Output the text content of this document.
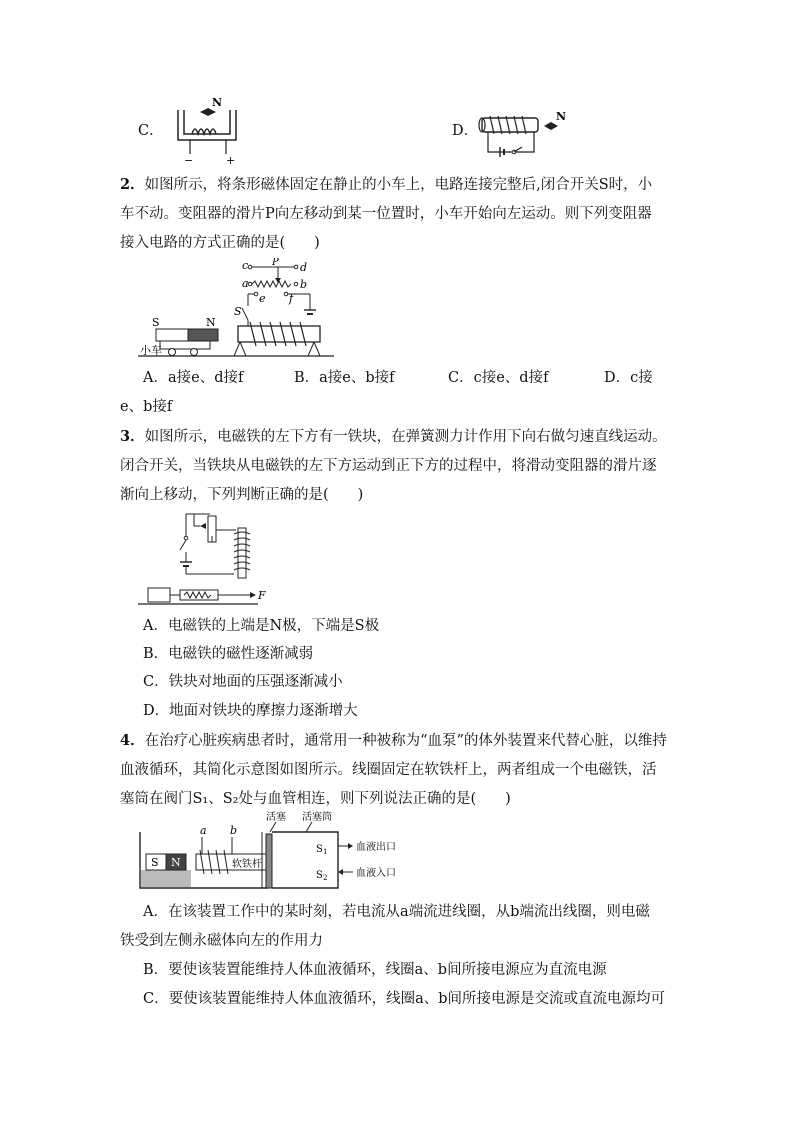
C．
N
−	+
D．
N
2．如图所示，将条形磁体固定在静止的小车上，电路连接完整后,闭合开关S时，小
车不动。变阻器的滑片P向左移动到某一位置时，小车开始向左运动。则下列变阻器
接入电路的方式正确的是(　　)
c P d
a	b
e f
S
S	N
小车
A．a接e、d接f	B．a接e、b接f	C．c接e、d接f	D．c接
e、b接f
3．如图所示，电磁铁的左下方有一铁块，在弹簧测力计作用下向右做匀速直线运动。
闭合开关，当铁块从电磁铁的左下方运动到正下方的过程中，将滑动变阻器的滑片逐
渐向上移动，下列判断正确的是(　　)
F
A．电磁铁的上端是N极，下端是S极
B．电磁铁的磁性逐渐减弱
C．铁块对地面的压强逐渐减小
D．地面对铁块的摩擦力逐渐增大
4．在治疗心脏疾病患者时，通常用一种被称为“血泵”的体外装置来代替心脏，以维持
血液循环，其简化示意图如图所示。线圈固定在软铁杆上，两者组成一个电磁铁，活
塞筒在阀门S₁、S₂处与血管相连，则下列说法正确的是(　　)
S N
a b
软铁杆
活塞 活塞筒
S 1
S 2
血液出口
血液入口
A．在该装置工作中的某时刻，若电流从a端流进线圈，从b端流出线圈，则电磁
铁受到左侧永磁体向左的作用力
B．要使该装置能维持人体血液循环，线圈a、b间所接电源应为直流电源
C．要使该装置能维持人体血液循环，线圈a、b间所接电源是交流或直流电源均可
